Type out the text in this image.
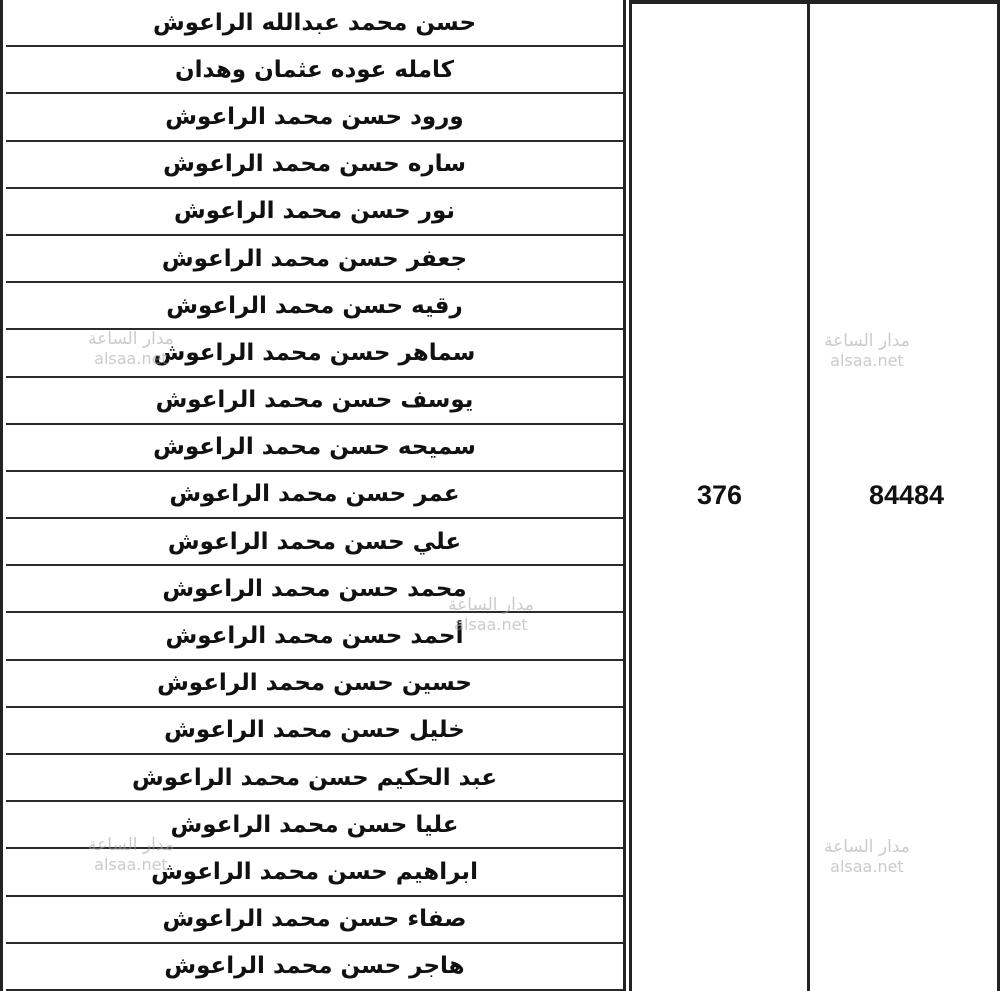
حسن محمد عبدالله الراعوش
كامله عوده عثمان وهدان
ورود حسن محمد الراعوش
ساره حسن محمد الراعوش
نور حسن محمد الراعوش
جعفر حسن محمد الراعوش
رقيه حسن محمد الراعوش
سماهر حسن محمد الراعوش
يوسف حسن محمد الراعوش
سميحه حسن محمد الراعوش
عمر حسن محمد الراعوش
علي حسن محمد الراعوش
محمد حسن محمد الراعوش
أحمد حسن محمد الراعوش
حسين حسن محمد الراعوش
خليل حسن محمد الراعوش
عبد الحكيم حسن محمد الراعوش
عليا حسن محمد الراعوش
ابراهيم حسن محمد الراعوش
صفاء حسن محمد الراعوش
هاجر حسن محمد الراعوش
376	84484
مدار الساعة
alsaa.net
مدار الساعة
alsaa.net
مدار الساعة
alsaa.net
مدار الساعة
alsaa.net
مدار الساعة
alsaa.net
